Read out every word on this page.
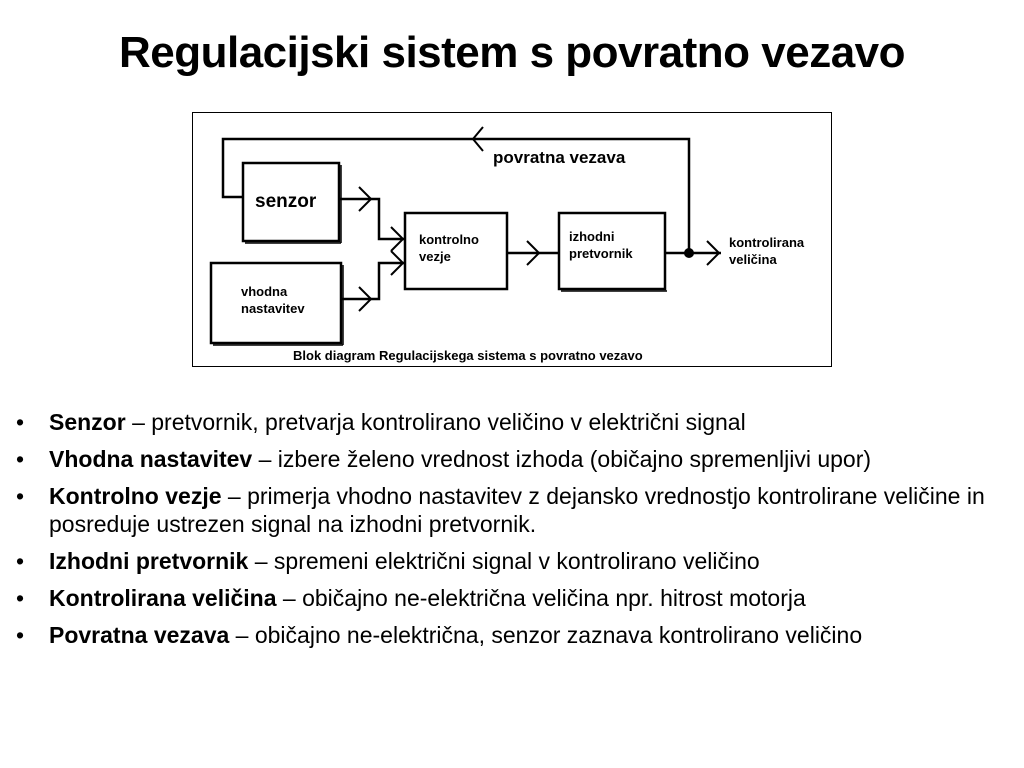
Regulacijski sistem s povratno vezavo
senzor
vhodna
nastavitev
kontrolno
vezje
izhodni
pretvornik
povratna vezava
kontrolirana
veličina
Blok diagram Regulacijskega sistema s povratno vezavo
• Senzor – pretvornik, pretvarja kontrolirano veličino v električni signal
• Vhodna nastavitev – izbere želeno vrednost izhoda (običajno spremenljivi upor)
• Kontrolno vezje – primerja vhodno nastavitev z dejansko vrednostjo kontrolirane veličine in posreduje ustrezen signal na izhodni pretvornik.
• Izhodni pretvornik – spremeni električni signal v kontrolirano veličino
• Kontrolirana veličina – običajno ne-električna veličina npr. hitrost motorja
• Povratna vezava – običajno ne-električna, senzor zaznava kontrolirano veličino
